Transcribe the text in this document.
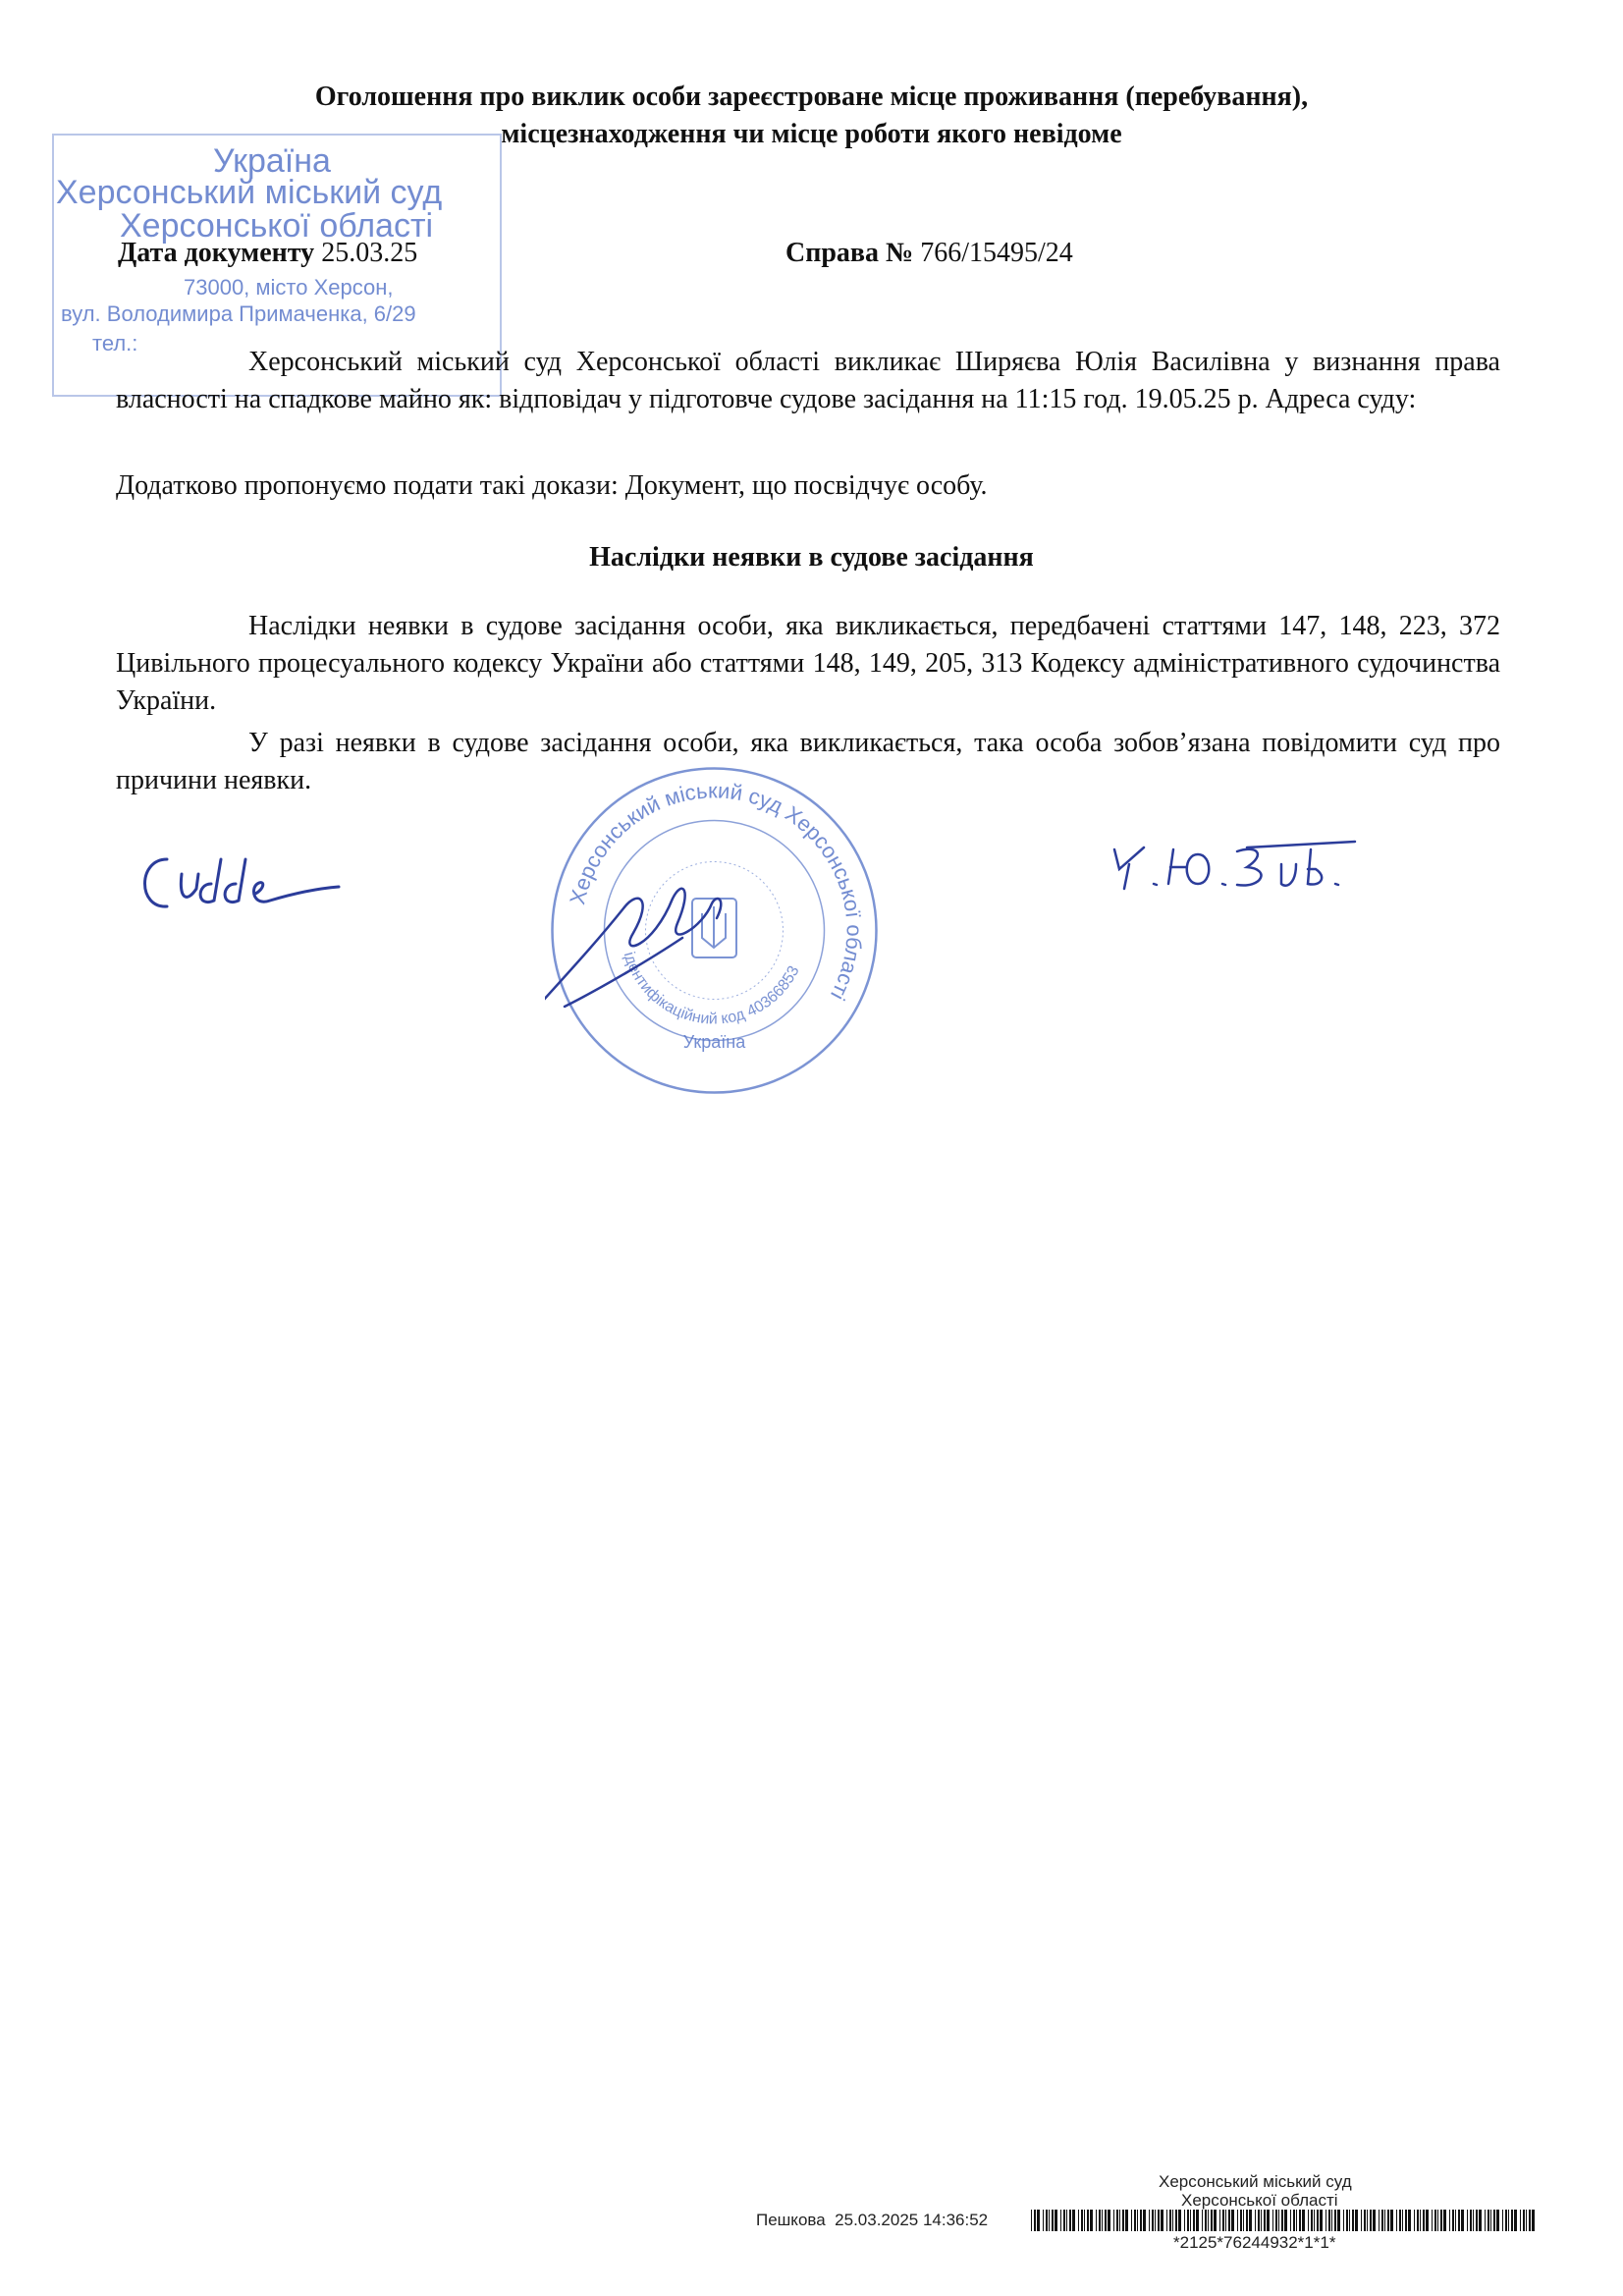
Оголошення про виклик особи зареєстроване місце проживання (перебування),
місцезнаходження чи місце роботи якого невідоме
Україна
Херсонський міський суд
Херсонської області
73000, місто Херсон,
вул. Володимира Примаченка, 6/29
тел.:
Дата документу 25.03.25	Справа № 766/15495/24
Херсонський міський суд Херсонської області викликає Ширяєва Юлія Василівна у визнання права власності на спадкове майно як: відповідач у підготовче судове засідання на 11:15 год. 19.05.25 р. Адреса суду:
Додатково пропонуємо подати такі докази: Документ, що посвідчує особу.
Наслідки неявки в судове засідання
Наслідки неявки в судове засідання особи, яка викликається, передбачені статтями 147, 148, 223, 372 Цивільного процесуального кодексу України або статтями 148, 149, 205, 313 Кодексу адміністративного судочинства України.
У разі неявки в судове засідання особи, яка викликається, така особа зобов’язана повідомити суд про причини неявки.
Херсонський міський суд Херсонської області
ідентифікаційний код 40366853
Україна
Херсонський міський суд
Херсонської області
Пешкова 25.03.2025 14:36:52
*2125*76244932*1*1*
